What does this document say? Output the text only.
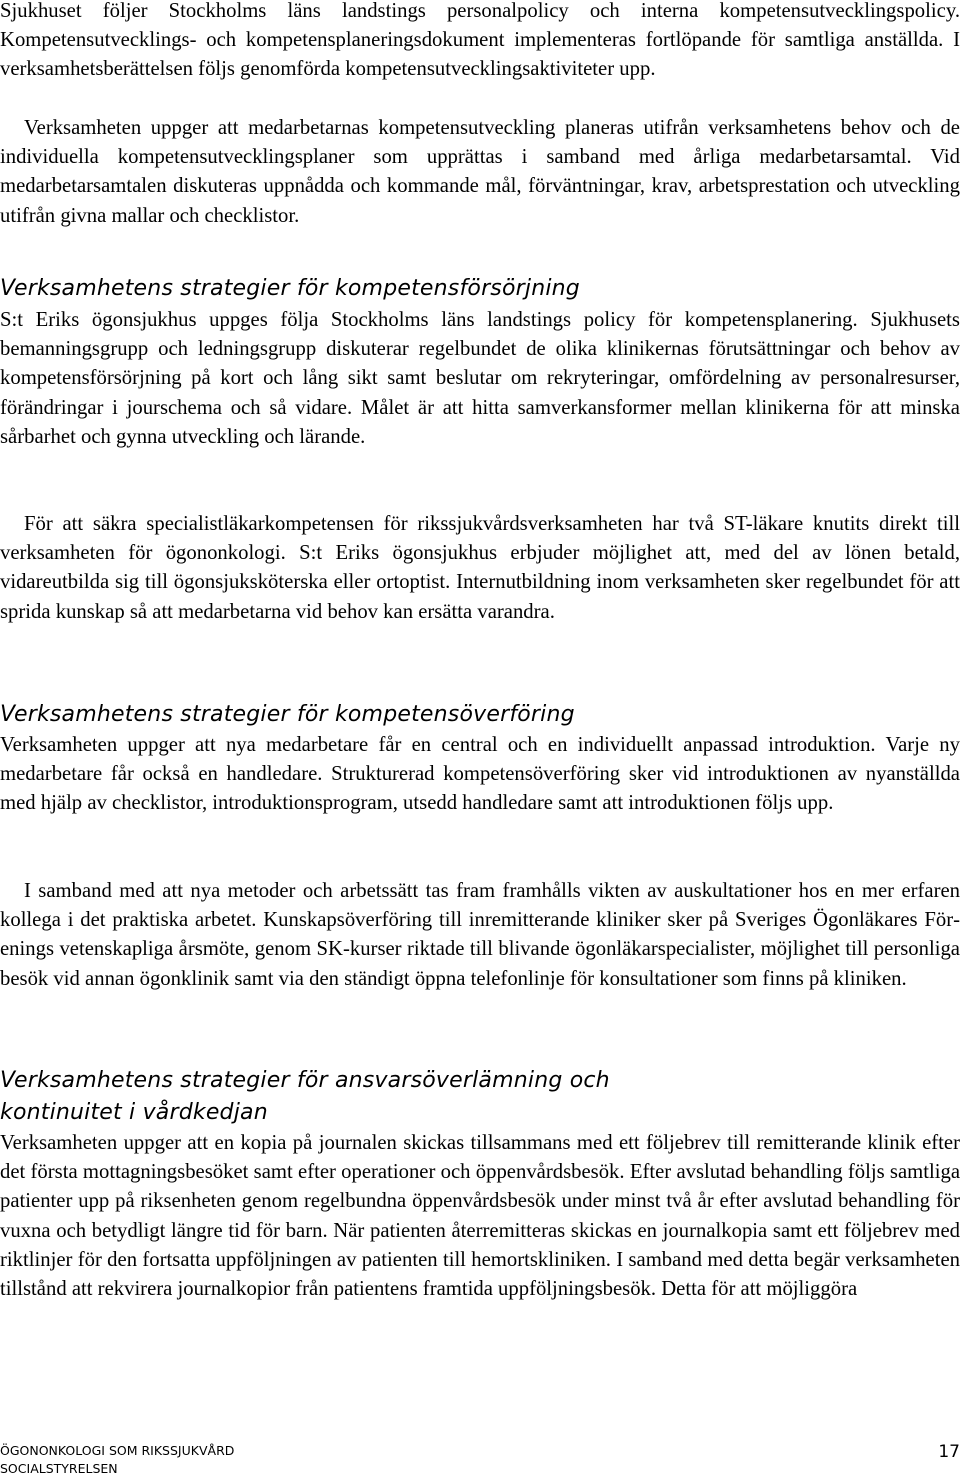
Sjukhuset följer Stockholms läns landstings personalpolicy och interna kompetensutvecklingspolicy. Kompetensutvecklings- och kompetensplaneringsdokument implementeras fortlöpande för samtliga anställda. I verksamhetsberättelsen följs genomförda kompetensutvecklingsaktiviteter upp.

Verksamheten uppger att medarbetarnas kompetensutveckling planeras utifrån verksamhetens behov och de individuella kompetensutvecklingsplaner som upprättas i samband med årliga medarbetarsamtal. Vid medarbetarsamtalen diskuteras uppnådda och kommande mål, förväntningar, krav, arbetsprestation och utveckling utifrån givna mallar och checklistor.

Verksamhetens strategier för kompetensförsörjning

S:t Eriks ögonsjukhus uppges följa Stockholms läns landstings policy för kompetensplanering. Sjukhusets bemanningsgrupp och ledningsgrupp diskuterar regelbundet de olika klinikernas förutsättningar och behov av kompetensförsörjning på kort och lång sikt samt beslutar om rekryteringar, omfördelning av personalresurser, förändringar i jourschema och så vidare. Målet är att hitta samverkansformer mellan klinikerna för att minska sårbarhet och gynna utveckling och lärande.

För att säkra specialistläkarkompetensen för rikssjukvårdsverksamheten har två ST-läkare knutits direkt till verksamheten för ögononkologi. S:t Eriks ögonsjukhus erbjuder möjlighet att, med del av lönen betald, vidareutbilda sig till ögonsjuksköterska eller ortoptist. Internutbildning inom verksamheten sker regelbundet för att sprida kunskap så att medarbetarna vid behov kan ersätta varandra.

Verksamhetens strategier för kompetensöverföring

Verksamheten uppger att nya medarbetare får en central och en individuellt anpassad introduktion. Varje ny medarbetare får också en handledare. Strukturerad kompetensöverföring sker vid introduktionen av nyanställda med hjälp av checklistor, introduktionsprogram, utsedd handledare samt att introduktionen följs upp.

I samband med att nya metoder och arbetssätt tas fram framhålls vikten av auskultationer hos en mer erfaren kollega i det praktiska arbetet. Kunskapsöverföring till inremitterande kliniker sker på Sveriges Ögonläkares Förenings vetenskapliga årsmöte, genom SK-kurser riktade till blivande ögonläkarspecialister, möjlighet till personliga besök vid annan ögonklinik samt via den ständigt öppna telefonlinje för konsultationer som finns på kliniken.

Verksamhetens strategier för ansvarsöverlämning och
kontinuitet i vårdkedjan

Verksamheten uppger att en kopia på journalen skickas tillsammans med ett följebrev till remitterande klinik efter det första mottagningsbesöket samt efter operationer och öppenvårdsbesök. Efter avslutad behandling följs samtliga patienter upp på riksenheten genom regelbundna öppenvårdsbesök under minst två år efter avslutad behandling för vuxna och betydligt längre tid för barn. När patienten återremitteras skickas en journalkopia samt ett följebrev med riktlinjer för den fortsatta uppföljningen av patienten till hemortskliniken. I samband med detta begär verksamheten tillstånd att rekvirera journalkopior från patientens framtida uppföljningsbesök. Detta för att möjliggöra

ÖGONONKOLOGI SOM RIKSSJUKVÅRD
SOCIALSTYRELSEN
17
